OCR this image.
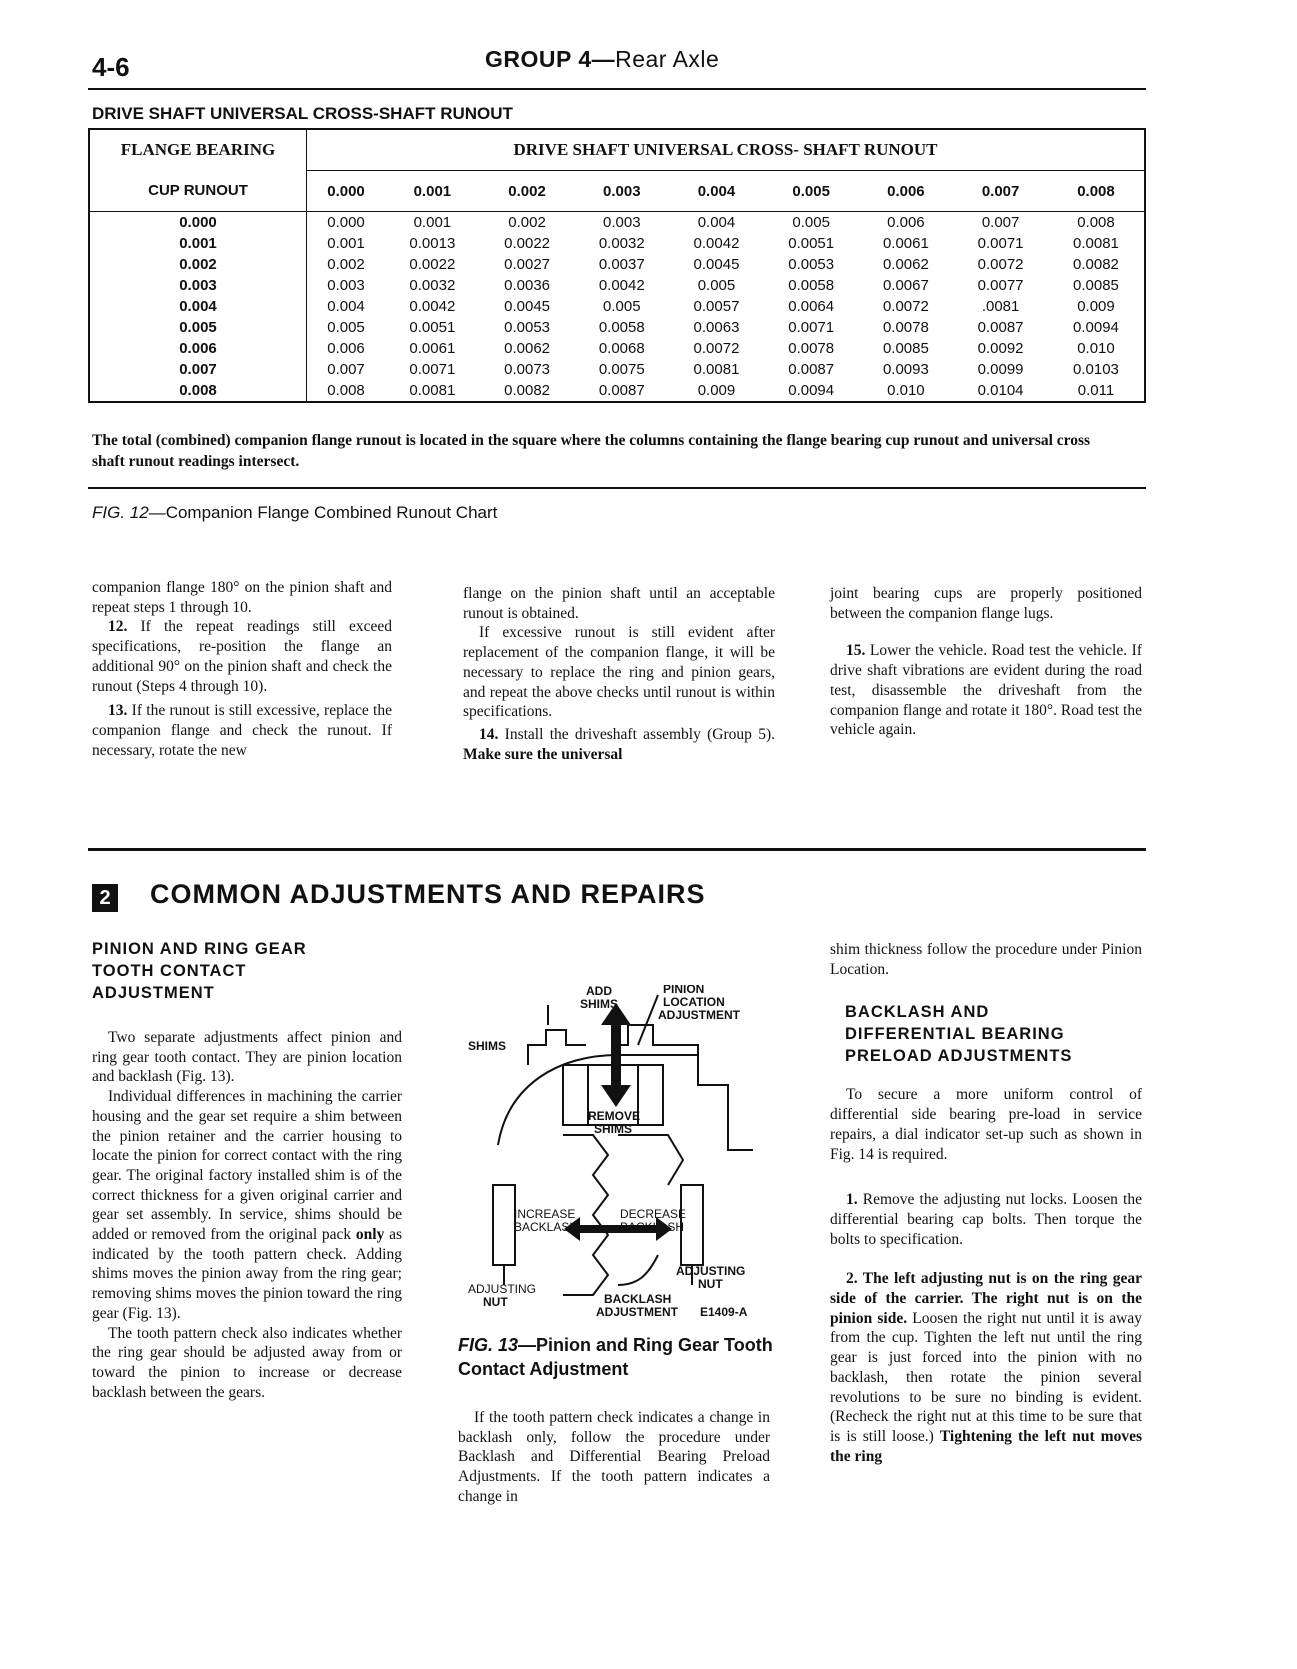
4-6	GROUP 4—Rear Axle
DRIVE SHAFT UNIVERSAL CROSS-SHAFT RUNOUT
FLANGE BEARING	DRIVE SHAFT UNIVERSAL CROSS- SHAFT RUNOUT								
CUP RUNOUT	0.000	0.001	0.002	0.003	0.004	0.005	0.006	0.007	0.008
0.000	0.000	0.001	0.002	0.003	0.004	0.005	0.006	0.007	0.008
0.001	0.001	0.0013	0.0022	0.0032	0.0042	0.0051	0.0061	0.0071	0.0081
0.002	0.002	0.0022	0.0027	0.0037	0.0045	0.0053	0.0062	0.0072	0.0082
0.003	0.003	0.0032	0.0036	0.0042	0.005	0.0058	0.0067	0.0077	0.0085
0.004	0.004	0.0042	0.0045	0.005	0.0057	0.0064	0.0072	.0081	0.009
0.005	0.005	0.0051	0.0053	0.0058	0.0063	0.0071	0.0078	0.0087	0.0094
0.006	0.006	0.0061	0.0062	0.0068	0.0072	0.0078	0.0085	0.0092	0.010
0.007	0.007	0.0071	0.0073	0.0075	0.0081	0.0087	0.0093	0.0099	0.0103
0.008	0.008	0.0081	0.0082	0.0087	0.009	0.0094	0.010	0.0104	0.011
The total (combined) companion flange runout is located in the square where the columns containing the flange bearing cup runout and universal cross shaft runout readings intersect.
FIG. 12—Companion Flange Combined Runout Chart

companion flange 180° on the pinion shaft and repeat steps 1 through 10.

12. If the repeat readings still exceed specifications, re-position the flange an additional 90° on the pinion shaft and check the runout (Steps 4 through 10).

13. If the runout is still excessive, replace the companion flange and check the runout. If necessary, rotate the new

flange on the pinion shaft until an acceptable runout is obtained.

If excessive runout is still evident after replacement of the companion flange, it will be necessary to replace the ring and pinion gears, and repeat the above checks until runout is within specifications.

14. Install the driveshaft assembly (Group 5). Make sure the universal

joint bearing cups are properly positioned between the companion flange lugs.

15. Lower the vehicle. Road test the vehicle. If drive shaft vibrations are evident during the road test, disassemble the driveshaft from the companion flange and rotate it 180°. Road test the vehicle again.

2 COMMON ADJUSTMENTS AND REPAIRS
PINION AND RING GEAR
TOOTH CONTACT
ADJUSTMENT

Two separate adjustments affect pinion and ring gear tooth contact. They are pinion location and backlash (Fig. 13).

Individual differences in machining the carrier housing and the gear set require a shim between the pinion retainer and the carrier housing to locate the pinion for correct contact with the ring gear. The original factory installed shim is of the correct thickness for a given original carrier and gear set assembly. In service, shims should be added or removed from the original pack only as indicated by the tooth pattern check. Adding shims moves the pinion away from the ring gear; removing shims moves the pinion toward the ring gear (Fig. 13).

The tooth pattern check also indicates whether the ring gear should be adjusted away from or toward the pinion to increase or decrease backlash between the gears.

ADD
SHIMS
PINION
LOCATION
ADJUSTMENT
SHIMS
REMOVE
SHIMS
INCREASE
BACKLASH
DECREASE
BACKLASH
ADJUSTING
NUT
ADJUSTING
NUT
BACKLASH
ADJUSTMENT E1409-A
FIG. 13—Pinion and Ring Gear Tooth
Contact Adjustment

If the tooth pattern check indicates a change in backlash only, follow the procedure under Backlash and Differential Bearing Preload Adjustments. If the tooth pattern indicates a change in

shim thickness follow the procedure under Pinion Location.

BACKLASH AND
DIFFERENTIAL BEARING
PRELOAD ADJUSTMENTS

To secure a more uniform control of differential side bearing pre-load in service repairs, a dial indicator set-up such as shown in Fig. 14 is required.

1. Remove the adjusting nut locks. Loosen the differential bearing cap bolts. Then torque the bolts to specification.

2. The left adjusting nut is on the ring gear side of the carrier. The right nut is on the pinion side. Loosen the right nut until it is away from the cup. Tighten the left nut until the ring gear is just forced into the pinion with no backlash, then rotate the pinion several revolutions to be sure no binding is evident. (Recheck the right nut at this time to be sure that is is still loose.) Tightening the left nut moves the ring
